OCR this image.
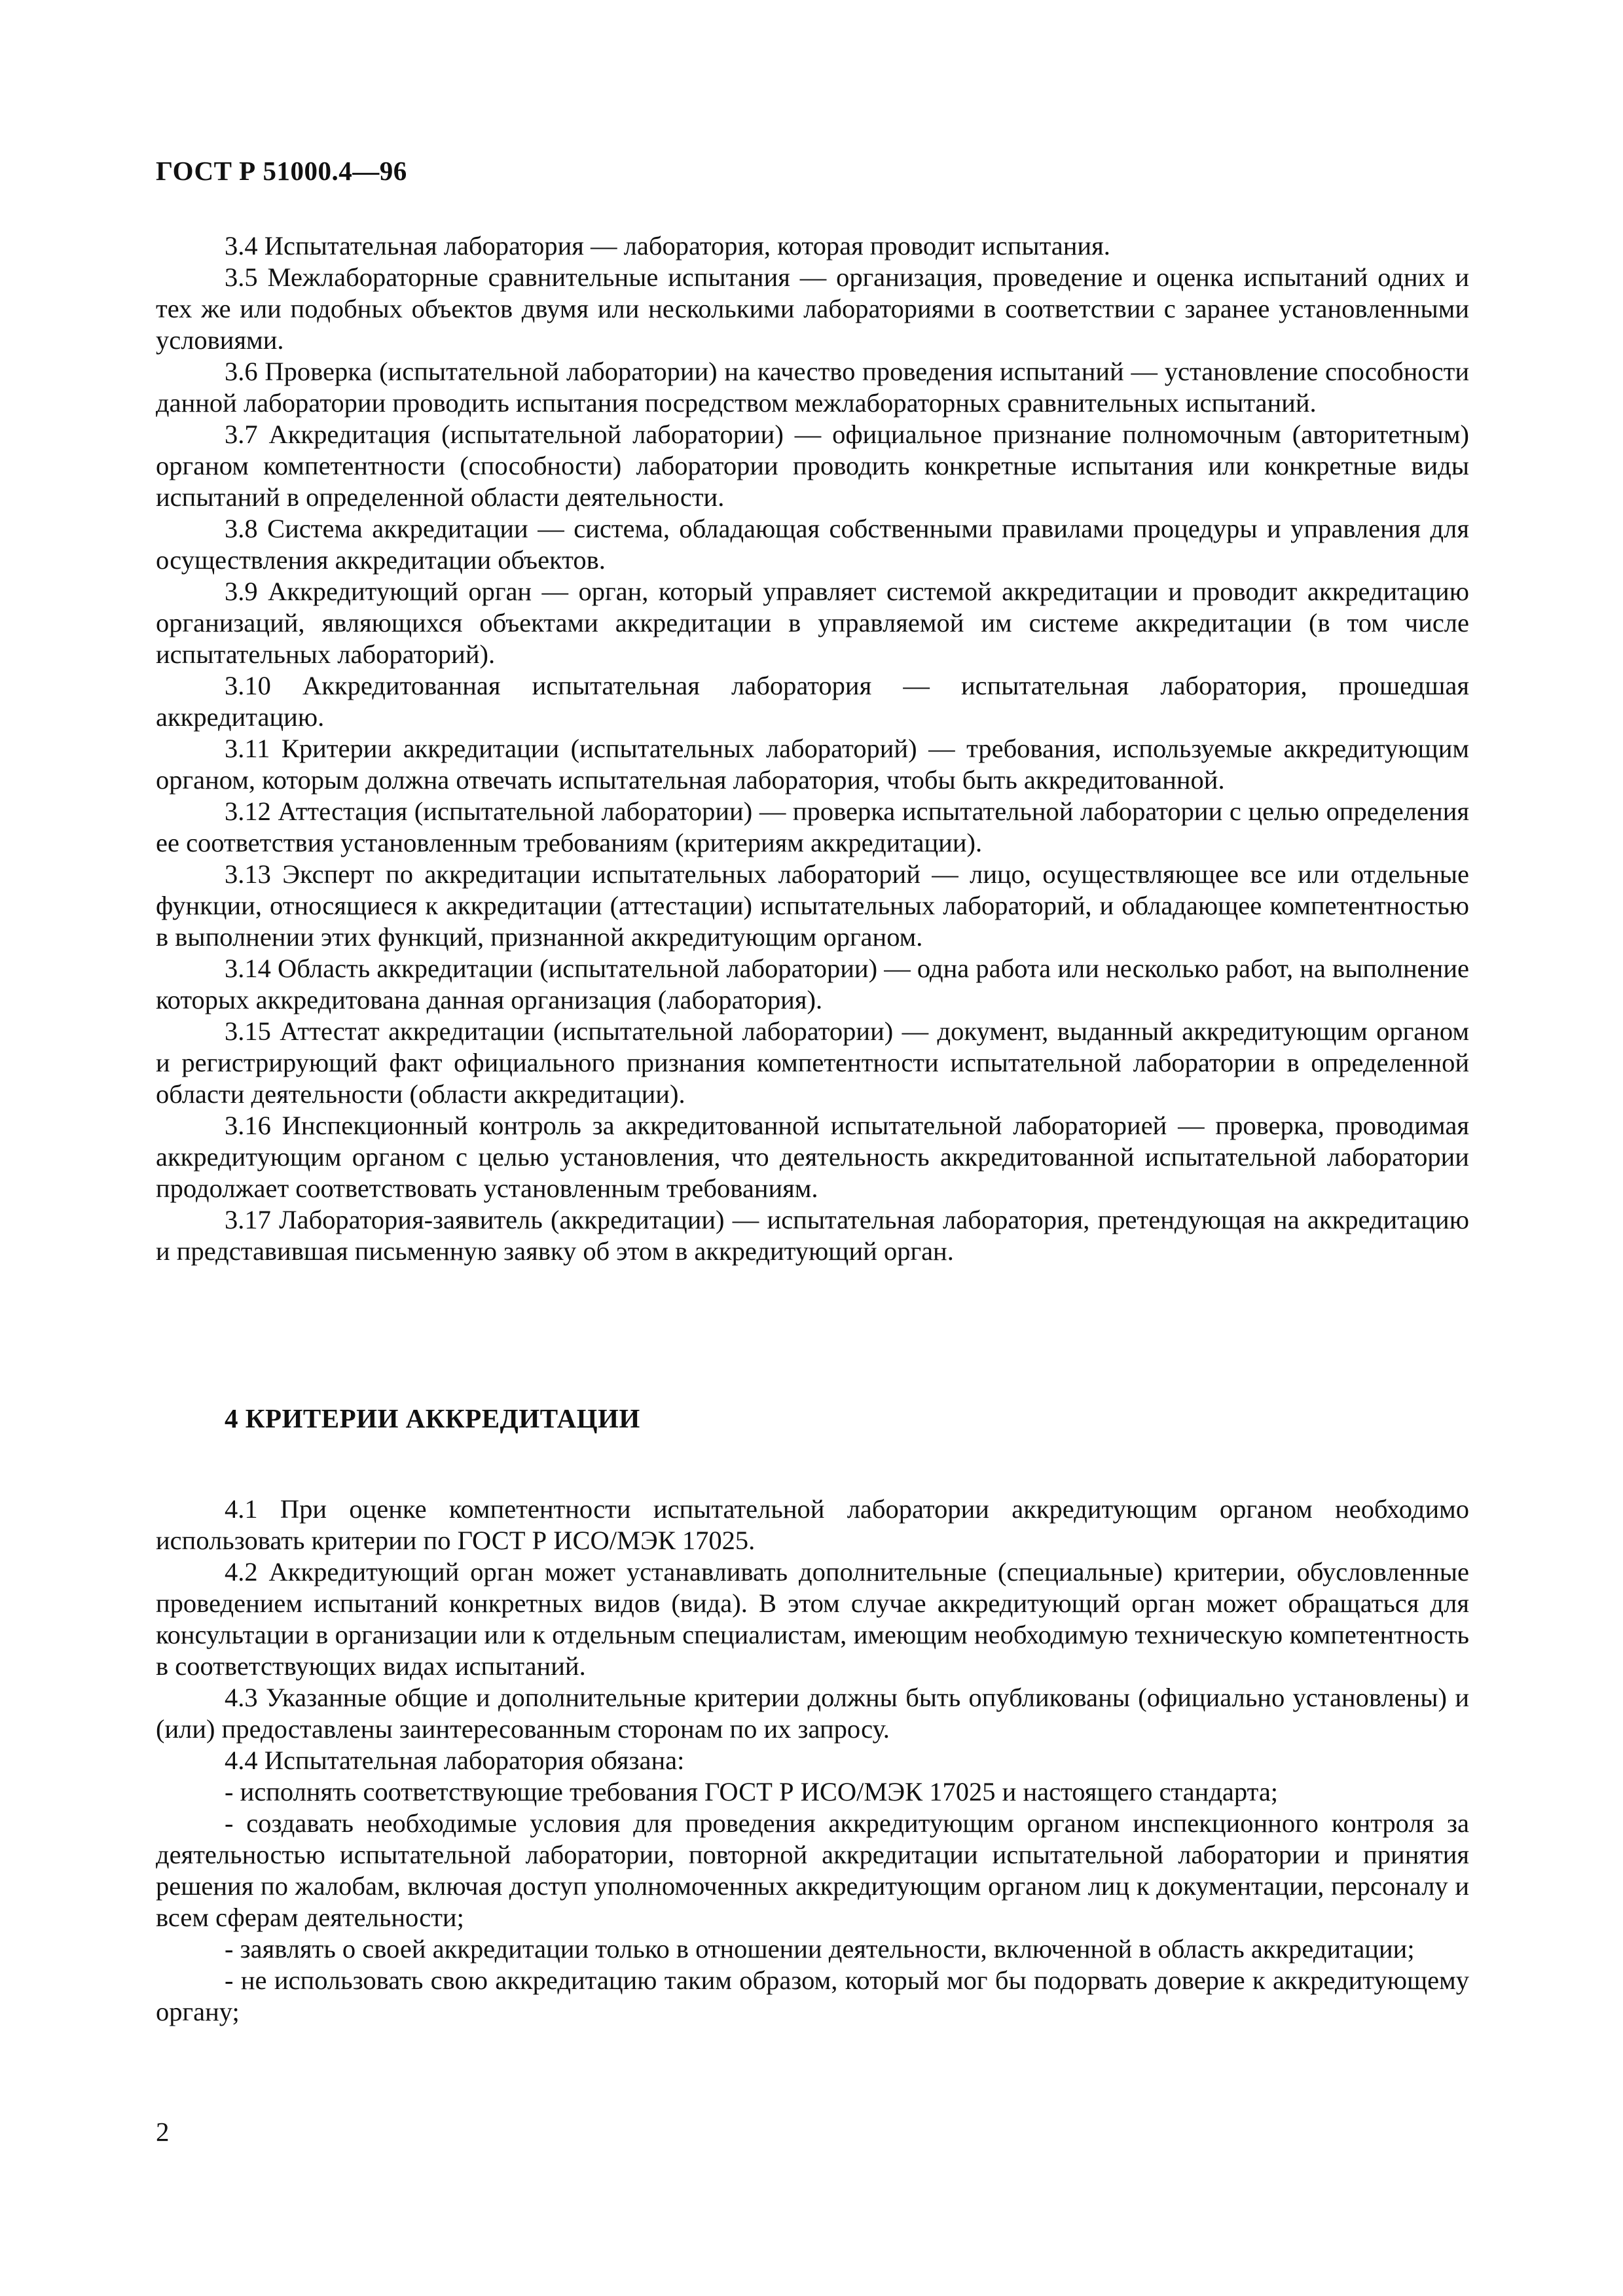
ГОСТ Р 51000.4—96

3.4 Испытательная лаборатория — лаборатория, которая проводит испытания.

3.5 Межлабораторные сравнительные испытания — организация, проведение и оценка испытаний одних и тех же или подобных объектов двумя или несколькими лабораториями в соответствии с заранее установленными условиями.

3.6 Проверка (испытательной лаборатории) на качество проведения испытаний — установление способности данной лаборатории проводить испытания посредством межлабораторных сравнительных испытаний.

3.7 Аккредитация (испытательной лаборатории) — официальное признание полномочным (авторитетным) органом компетентности (способности) лаборатории проводить конкретные испытания или конкретные виды испытаний в определенной области деятельности.

3.8 Система аккредитации — система, обладающая собственными правилами процедуры и управления для осуществления аккредитации объектов.

3.9 Аккредитующий орган — орган, который управляет системой аккредитации и проводит аккредитацию организаций, являющихся объектами аккредитации в управляемой им системе аккредитации (в том числе испытательных лабораторий).

3.10 Аккредитованная испытательная лаборатория — испытательная лаборатория, прошедшая аккредитацию.

3.11 Критерии аккредитации (испытательных лабораторий) — требования, используемые аккредитующим органом, которым должна отвечать испытательная лаборатория, чтобы быть аккредитованной.

3.12 Аттестация (испытательной лаборатории) — проверка испытательной лаборатории с целью определения ее соответствия установленным требованиям (критериям аккредитации).

3.13 Эксперт по аккредитации испытательных лабораторий — лицо, осуществляющее все или отдельные функции, относящиеся к аккредитации (аттестации) испытательных лабораторий, и обладающее компетентностью в выполнении этих функций, признанной аккредитующим органом.

3.14 Область аккредитации (испытательной лаборатории) — одна работа или несколько работ, на выполнение которых аккредитована данная организация (лаборатория).

3.15 Аттестат аккредитации (испытательной лаборатории) — документ, выданный аккредитующим органом и регистрирующий факт официального признания компетентности испытательной лаборатории в определенной области деятельности (области аккредитации).

3.16 Инспекционный контроль за аккредитованной испытательной лабораторией — проверка, проводимая аккредитующим органом с целью установления, что деятельность аккредитованной испытательной лаборатории продолжает соответствовать установленным требованиям.

3.17 Лаборатория-заявитель (аккредитации) — испытательная лаборатория, претендующая на аккредитацию и представившая письменную заявку об этом в аккредитующий орган.

4 КРИТЕРИИ АККРЕДИТАЦИИ

4.1 При оценке компетентности испытательной лаборатории аккредитующим органом необходимо использовать критерии по ГОСТ Р ИСО/МЭК 17025.

4.2 Аккредитующий орган может устанавливать дополнительные (специальные) критерии, обусловленные проведением испытаний конкретных видов (вида). В этом случае аккредитующий орган может обращаться для консультации в организации или к отдельным специалистам, имеющим необходимую техническую компетентность в соответствующих видах испытаний.

4.3 Указанные общие и дополнительные критерии должны быть опубликованы (официально установлены) и (или) предоставлены заинтересованным сторонам по их запросу.

4.4 Испытательная лаборатория обязана:

- исполнять соответствующие требования ГОСТ Р ИСО/МЭК 17025 и настоящего стандарта;

- создавать необходимые условия для проведения аккредитующим органом инспекционного контроля за деятельностью испытательной лаборатории, повторной аккредитации испытательной лаборатории и принятия решения по жалобам, включая доступ уполномоченных аккредитующим органом лиц к документации, персоналу и всем сферам деятельности;

- заявлять о своей аккредитации только в отношении деятельности, включенной в область аккредитации;

- не использовать свою аккредитацию таким образом, который мог бы подорвать доверие к аккредитующему органу;

2
